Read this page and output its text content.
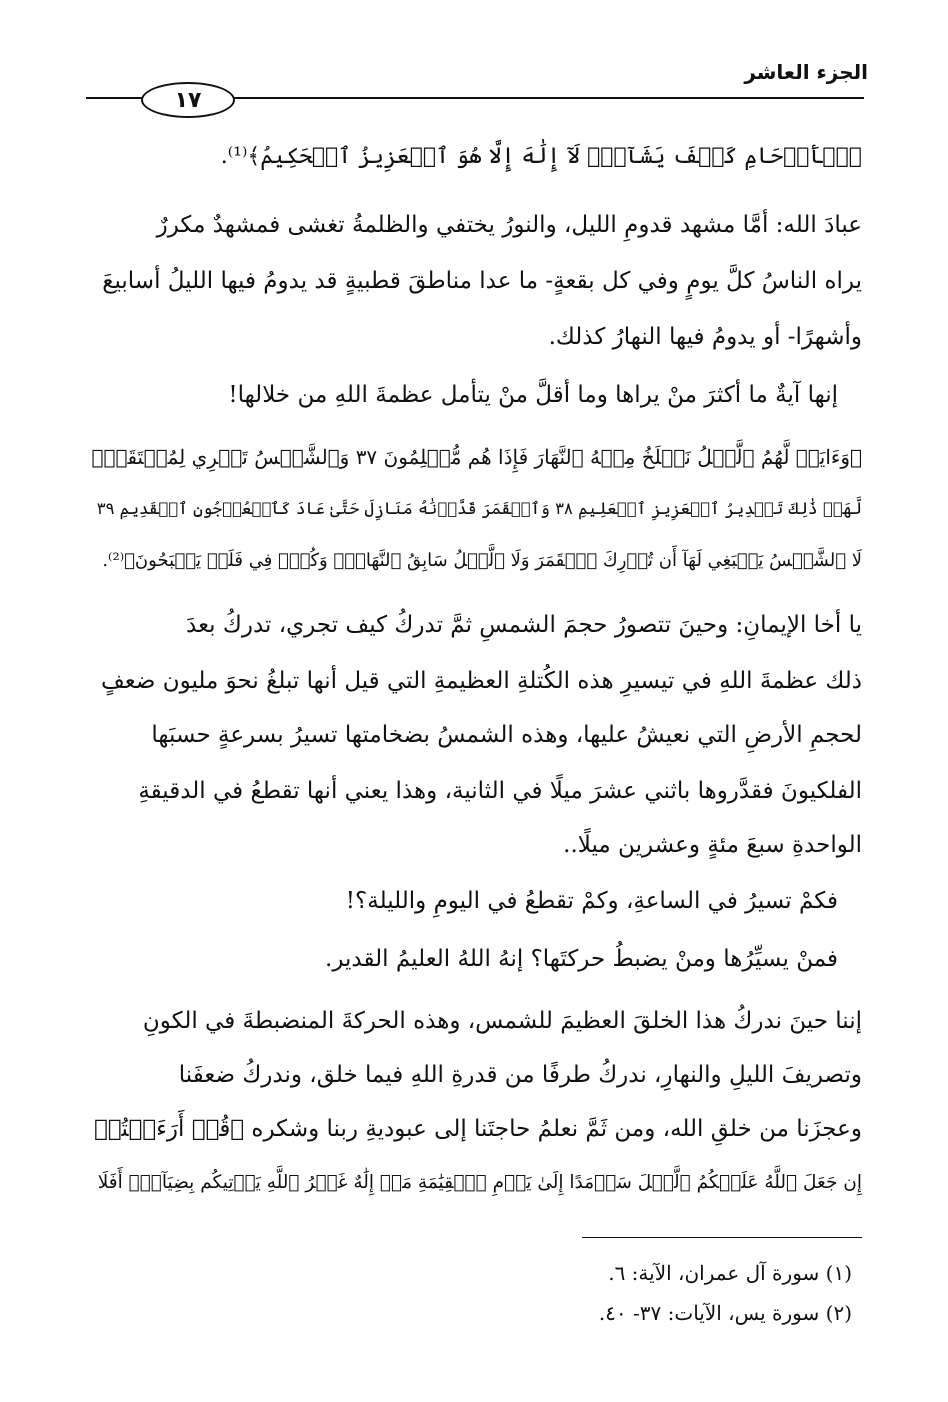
الجزء العاشر
١٧
ﭐلۡأَرۡحَامِ كَيۡفَ يَشَآءُۚ لَآ إِلَٰهَ إِلَّا هُوَ ٱلۡعَزِيزُ ٱلۡحَكِيمُ﴾⁽¹⁾.
عبادَ الله: أمَّا مشهد قدومِ الليل، والنورُ يختفي والظلمةُ تغشى فمشهدٌ مكررٌ
يراه الناسُ كلَّ يومٍ وفي كل بقعةٍ- ما عدا مناطقَ قطبيةٍ قد يدومُ فيها الليلُ أسابيعَ
وأشهرًا- أو يدومُ فيها النهارُ كذلك.
إنها آيةٌ ما أكثرَ منْ يراها وما أقلَّ منْ يتأمل عظمةَ اللهِ من خلالها!
﴿وَءَايَةٞ لَّهُمُ ٱلَّيۡلُ نَسۡلَخُ مِنۡهُ ٱلنَّهَارَ فَإِذَا هُم مُّظۡلِمُونَ ٣٧ وَٱلشَّمۡسُ تَجۡرِي لِمُسۡتَقَرّٖ
لَّهَاۚ ذَٰلِكَ تَقۡدِيرُ ٱلۡعَزِيزِ ٱلۡعَلِيمِ ٣٨ وَٱلۡقَمَرَ قَدَّرۡنَٰهُ مَنَازِلَ حَتَّىٰ عَادَ كَٱلۡعُرۡجُونِ ٱلۡقَدِيمِ ٣٩
لَا ٱلشَّمۡسُ يَنۢبَغِي لَهَآ أَن تُدۡرِكَ ٱلۡقَمَرَ وَلَا ٱلَّيۡلُ سَابِقُ ٱلنَّهَارِۚ وَكُلّٞ فِي فَلَكٖ يَسۡبَحُونَ﴾⁽²⁾.
يا أخا الإيمانِ: وحينَ تتصورُ حجمَ الشمسِ ثمَّ تدركُ كيف تجري، تدركُ بعدَ
ذلك عظمةَ اللهِ في تيسيرِ هذه الكُتلةِ العظيمةِ التي قيل أنها تبلغُ نحوَ مليون ضعفٍ
لحجمِ الأرضِ التي نعيشُ عليها، وهذه الشمسُ بضخامتها تسيرُ بسرعةٍ حسبَها
الفلكيونَ فقدَّروها باثني عشرَ ميلًا في الثانية، وهذا يعني أنها تقطعُ في الدقيقةِ
الواحدةِ سبعَ مئةٍ وعشرين ميلًا..
فكمْ تسيرُ في الساعةِ، وكمْ تقطعُ في اليومِ والليلة؟!
فمنْ يسيِّرُها ومنْ يضبطُ حركتَها؟ إنهُ اللهُ العليمُ القدير.
إننا حينَ ندركُ هذا الخلقَ العظيمَ للشمس، وهذه الحركةَ المنضبطةَ في الكونِ
وتصريفَ الليلِ والنهارِ، ندركُ طرفًا من قدرةِ اللهِ فيما خلق، وندركُ ضعفَنا
وعجزَنا من خلقِ الله، ومن ثَمَّ نعلمُ حاجتَنا إلى عبوديةِ ربنا وشكره ﴿قُلۡ أَرَءَيۡتُمۡ
إِن جَعَلَ ٱللَّهُ عَلَيۡكُمُ ٱلَّيۡلَ سَرۡمَدًا إِلَىٰ يَوۡمِ ٱلۡقِيَٰمَةِ مَنۡ إِلَٰهٌ غَيۡرُ ٱللَّهِ يَأۡتِيكُم بِضِيَآءٍۚ أَفَلَا
(١) سورة آل عمران، الآية: ٦.
(٢) سورة يس، الآيات: ٣٧- ٤٠.
